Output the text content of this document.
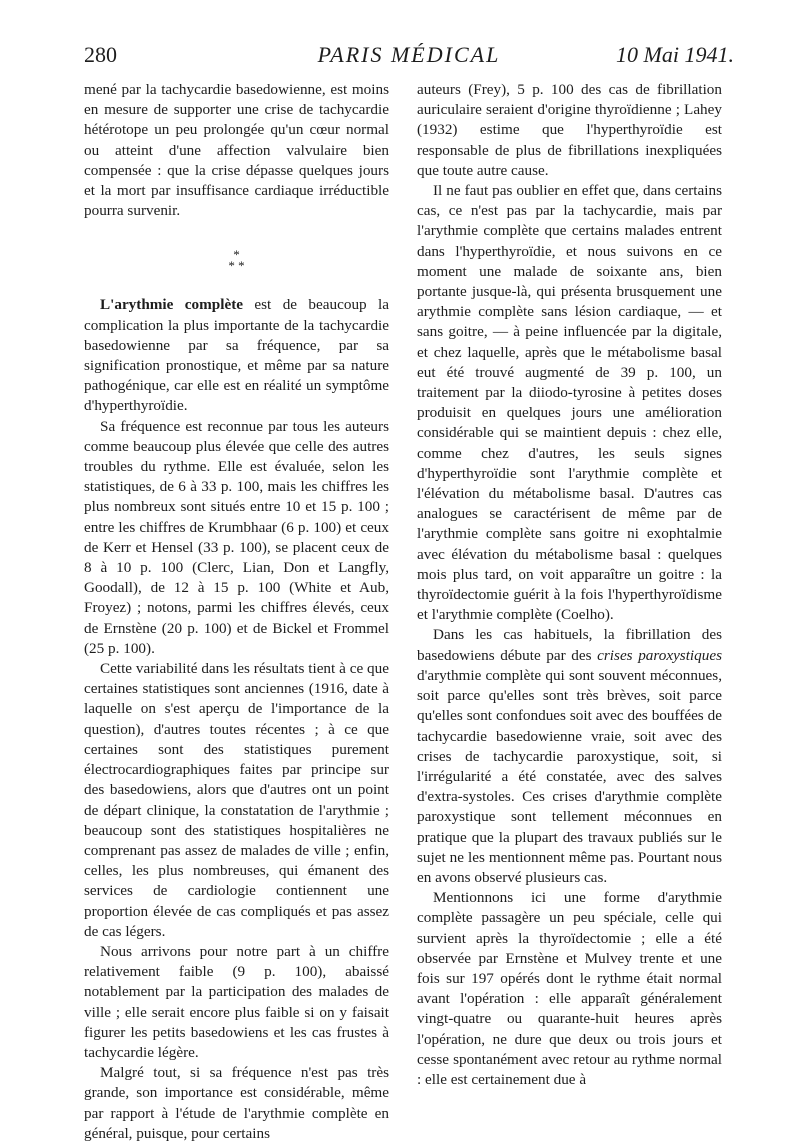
280	PARIS MÉDICAL	10 Mai 1941.

mené par la tachycardie basedowienne, est moins en mesure de supporter une crise de tachycardie hétérotope un peu prolongée qu'un cœur normal ou atteint d'une affection valvulaire bien compensée : que la crise dépasse quelques jours et la mort par insuffisance cardiaque irréductible pourra survenir.

*
* *

L'arythmie complète est de beaucoup la complication la plus importante de la tachycardie basedowienne par sa fréquence, par sa signification pronostique, et même par sa nature pathogénique, car elle est en réalité un symptôme d'hyperthyroïdie.

Sa fréquence est reconnue par tous les auteurs comme beaucoup plus élevée que celle des autres troubles du rythme. Elle est évaluée, selon les statistiques, de 6 à 33 p. 100, mais les chiffres les plus nombreux sont situés entre 10 et 15 p. 100 ; entre les chiffres de Krumbhaar (6 p. 100) et ceux de Kerr et Hensel (33 p. 100), se placent ceux de 8 à 10 p. 100 (Clerc, Lian, Don et Langfly, Goodall), de 12 à 15 p. 100 (White et Aub, Froyez) ; notons, parmi les chiffres élevés, ceux de Ernstène (20 p. 100) et de Bickel et Frommel (25 p. 100).

Cette variabilité dans les résultats tient à ce que certaines statistiques sont anciennes (1916, date à laquelle on s'est aperçu de l'importance de la question), d'autres toutes récentes ; à ce que certaines sont des statistiques purement électrocardiographiques faites par principe sur des basedowiens, alors que d'autres ont un point de départ clinique, la constatation de l'arythmie ; beaucoup sont des statistiques hospitalières ne comprenant pas assez de malades de ville ; enfin, celles, les plus nombreuses, qui émanent des services de cardiologie contiennent une proportion élevée de cas compliqués et pas assez de cas légers.

Nous arrivons pour notre part à un chiffre relativement faible (9 p. 100), abaissé notablement par la participation des malades de ville ; elle serait encore plus faible si on y faisait figurer les petits basedowiens et les cas frustes à tachycardie légère.

Malgré tout, si sa fréquence n'est pas très grande, son importance est considérable, même par rapport à l'étude de l'arythmie complète en général, puisque, pour certains

auteurs (Frey), 5 p. 100 des cas de fibrillation auriculaire seraient d'origine thyroïdienne ; Lahey (1932) estime que l'hyperthyroïdie est responsable de plus de fibrillations inexpliquées que toute autre cause.

Il ne faut pas oublier en effet que, dans certains cas, ce n'est pas par la tachycardie, mais par l'arythmie complète que certains malades entrent dans l'hyperthyroïdie, et nous suivons en ce moment une malade de soixante ans, bien portante jusque-là, qui présenta brusquement une arythmie complète sans lésion cardiaque, — et sans goitre, — à peine influencée par la digitale, et chez laquelle, après que le métabolisme basal eut été trouvé augmenté de 39 p. 100, un traitement par la diiodo-tyrosine à petites doses produisit en quelques jours une amélioration considérable qui se maintient depuis : chez elle, comme chez d'autres, les seuls signes d'hyperthyroïdie sont l'arythmie complète et l'élévation du métabolisme basal. D'autres cas analogues se caractérisent de même par de l'arythmie complète sans goitre ni exophtalmie avec élévation du métabolisme basal : quelques mois plus tard, on voit apparaître un goitre : la thyroïdectomie guérit à la fois l'hyperthyroïdisme et l'arythmie complète (Coelho).

Dans les cas habituels, la fibrillation des basedowiens débute par des crises paroxystiques d'arythmie complète qui sont souvent méconnues, soit parce qu'elles sont très brèves, soit parce qu'elles sont confondues soit avec des bouffées de tachycardie basedowienne vraie, soit avec des crises de tachycardie paroxystique, soit, si l'irrégularité a été constatée, avec des salves d'extra-systoles. Ces crises d'arythmie complète paroxystique sont tellement méconnues en pratique que la plupart des travaux publiés sur le sujet ne les mentionnent même pas. Pourtant nous en avons observé plusieurs cas.

Mentionnons ici une forme d'arythmie complète passagère un peu spéciale, celle qui survient après la thyroïdectomie ; elle a été observée par Ernstène et Mulvey trente et une fois sur 197 opérés dont le rythme était normal avant l'opération : elle apparaît généralement vingt-quatre ou quarante-huit heures après l'opération, ne dure que deux ou trois jours et cesse spontanément avec retour au rythme normal : elle est certainement due à
